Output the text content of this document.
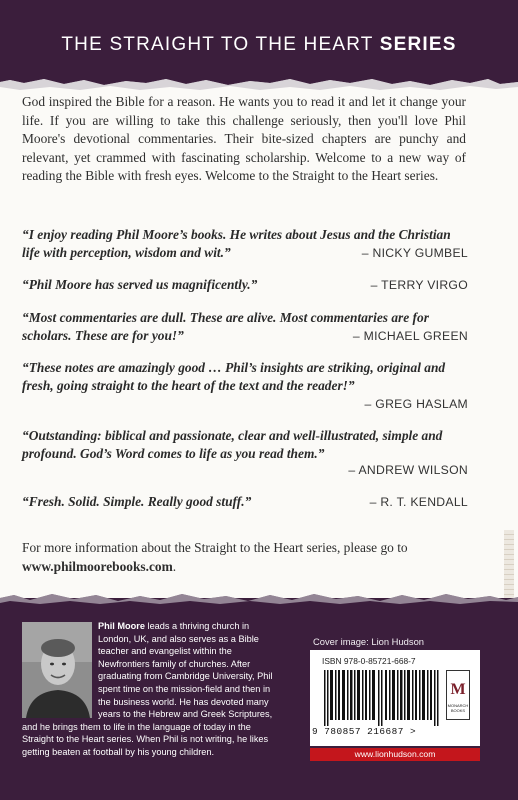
THE STRAIGHT TO THE HEART SERIES

God inspired the Bible for a reason. He wants you to read it and let it change your life. If you are willing to take this challenge seriously, then you'll love Phil Moore's devotional commentaries. Their bite-sized chapters are punchy and relevant, yet crammed with fascinating scholarship. Welcome to a new way of reading the Bible with fresh eyes. Welcome to the Straight to the Heart series.

“I enjoy reading Phil Moore’s books. He writes about Jesus and the Christian life with perception, wisdom and wit.”	– NICKY GUMBEL
“Phil Moore has served us magnificently.”	– TERRY VIRGO
“Most commentaries are dull. These are alive. Most commentaries are for scholars. These are for you!”	– MICHAEL GREEN
“These notes are amazingly good … Phil’s insights are striking, original and fresh, going straight to the heart of the text and the reader!”
– GREG HASLAM
“Outstanding: biblical and passionate, clear and well-illustrated, simple and profound. God’s Word comes to life as you read them.”
– ANDREW WILSON
“Fresh. Solid. Simple. Really good stuff.”	– R. T. KENDALL

For more information about the Straight to the Heart series, please go to www.philmoorebooks.com.

Phil Moore leads a thriving church in London, UK, and also serves as a Bible teacher and evangelist within the Newfrontiers family of churches. After graduating from Cambridge University, Phil spent time on the mission-field and then in the business world. He has devoted many years to the Hebrew and Greek Scriptures, and he brings them to life in the language of today in the Straight to the Heart series. When Phil is not writing, he likes getting beaten at football by his young children.

Cover image: Lion Hudson
ISBN 978-0-85721-668-7
9 780857 216687 >
M
MONARCH BOOKS
www.lionhudson.com
